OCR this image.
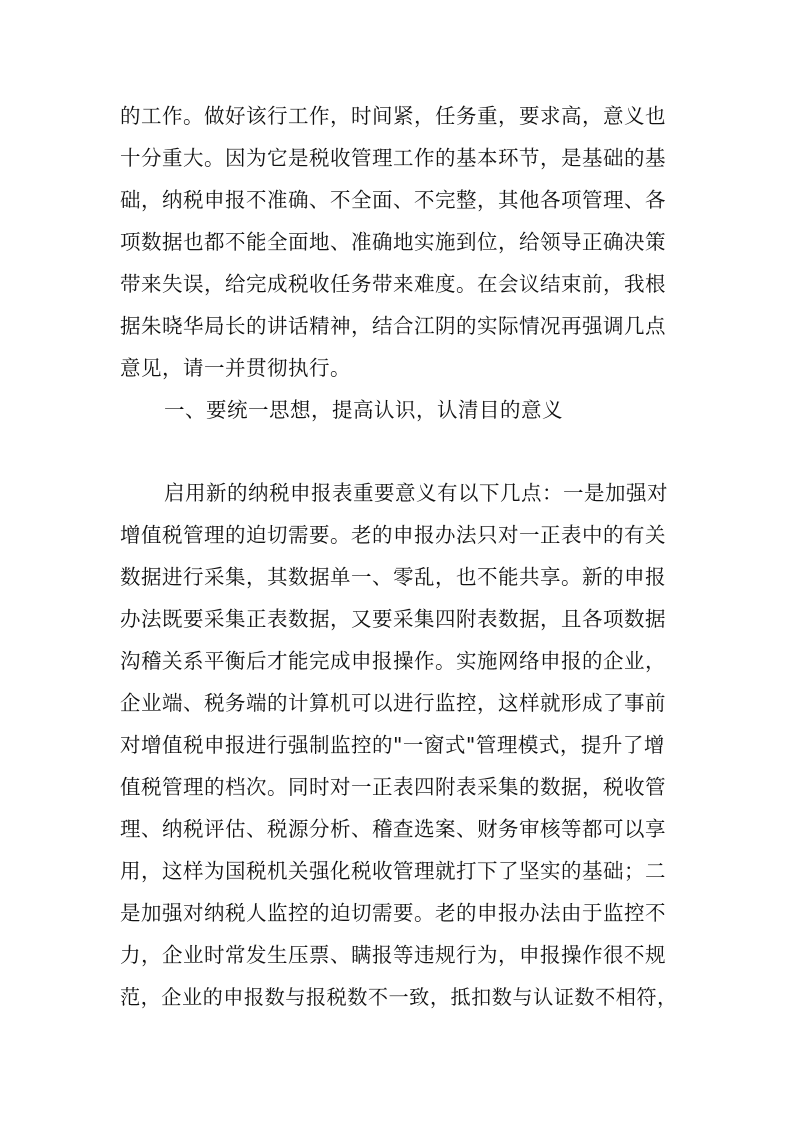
的工作。做好该行工作，时间紧，任务重，要求高，意义也
十分重大。因为它是税收管理工作的基本环节，是基础的基
础，纳税申报不准确、不全面、不完整，其他各项管理、各
项数据也都不能全面地、准确地实施到位，给领导正确决策
带来失误，给完成税收任务带来难度。在会议结束前，我根
据朱晓华局长的讲话精神，结合江阴的实际情况再强调几点
意见，请一并贯彻执行。
一、要统一思想，提高认识，认清目的意义
启用新的纳税申报表重要意义有以下几点：一是加强对
增值税管理的迫切需要。老的申报办法只对一正表中的有关
数据进行采集，其数据单一、零乱，也不能共享。新的申报
办法既要采集正表数据，又要采集四附表数据，且各项数据
沟稽关系平衡后才能完成申报操作。实施网络申报的企业，
企业端、税务端的计算机可以进行监控，这样就形成了事前
对增值税申报进行强制监控的"一窗式"管理模式，提升了增
值税管理的档次。同时对一正表四附表采集的数据，税收管
理、纳税评估、税源分析、稽查选案、财务审核等都可以享
用，这样为国税机关强化税收管理就打下了坚实的基础；二
是加强对纳税人监控的迫切需要。老的申报办法由于监控不
力，企业时常发生压票、瞒报等违规行为，申报操作很不规
范，企业的申报数与报税数不一致，抵扣数与认证数不相符，
